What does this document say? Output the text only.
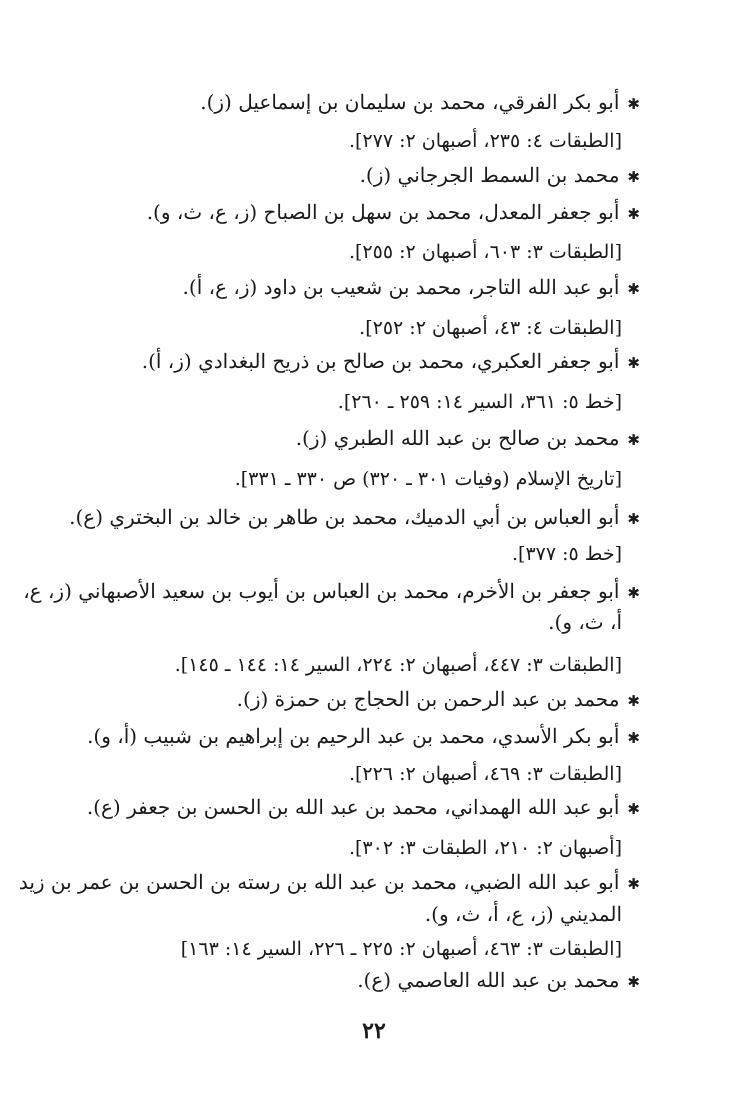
✱أبو بكر الفرقي، محمد بن سليمان بن إسماعيل (ز).
[الطبقات ٤: ٢٣٥، أصبهان ٢: ٢٧٧].
✱محمد بن السمط الجرجاني (ز).
✱أبو جعفر المعدل، محمد بن سهل بن الصباح (ز، ع، ث، و).
[الطبقات ٣: ٦٠٣، أصبهان ٢: ٢٥٥].
✱أبو عبد الله التاجر، محمد بن شعيب بن داود (ز، ع، أ).
[الطبقات ٤: ٤٣، أصبهان ٢: ٢٥٢].
✱أبو جعفر العكبري، محمد بن صالح بن ذريح البغدادي (ز، أ).
[خط ٥: ٣٦١، السير ١٤: ٢٥٩ ـ ٢٦٠].
✱محمد بن صالح بن عبد الله الطبري (ز).
[تاريخ الإسلام (وفيات ٣٠١ ـ ٣٢٠) ص ٣٣٠ ـ ٣٣١].
✱أبو العباس بن أبي الدميك، محمد بن طاهر بن خالد بن البختري (ع).
[خط ٥: ٣٧٧].
✱أبو جعفر بن الأخرم، محمد بن العباس بن أيوب بن سعيد الأصبهاني (ز، ع،
أ، ث، و).
[الطبقات ٣: ٤٤٧، أصبهان ٢: ٢٢٤، السير ١٤: ١٤٤ ـ ١٤٥].
✱محمد بن عبد الرحمن بن الحجاج بن حمزة (ز).
✱أبو بكر الأسدي، محمد بن عبد الرحيم بن إبراهيم بن شبيب (أ، و).
[الطبقات ٣: ٤٦٩، أصبهان ٢: ٢٢٦].
✱أبو عبد الله الهمداني، محمد بن عبد الله بن الحسن بن جعفر (ع).
[أصبهان ٢: ٢١٠، الطبقات ٣: ٣٠٢].
✱أبو عبد الله الضبي، محمد بن عبد الله بن رسته بن الحسن بن عمر بن زيد
المديني (ز، ع، أ، ث، و).
[الطبقات ٣: ٤٦٣، أصبهان ٢: ٢٢٥ ـ ٢٢٦، السير ١٤: ١٦٣]
✱محمد بن عبد الله العاصمي (ع).
٢٢
